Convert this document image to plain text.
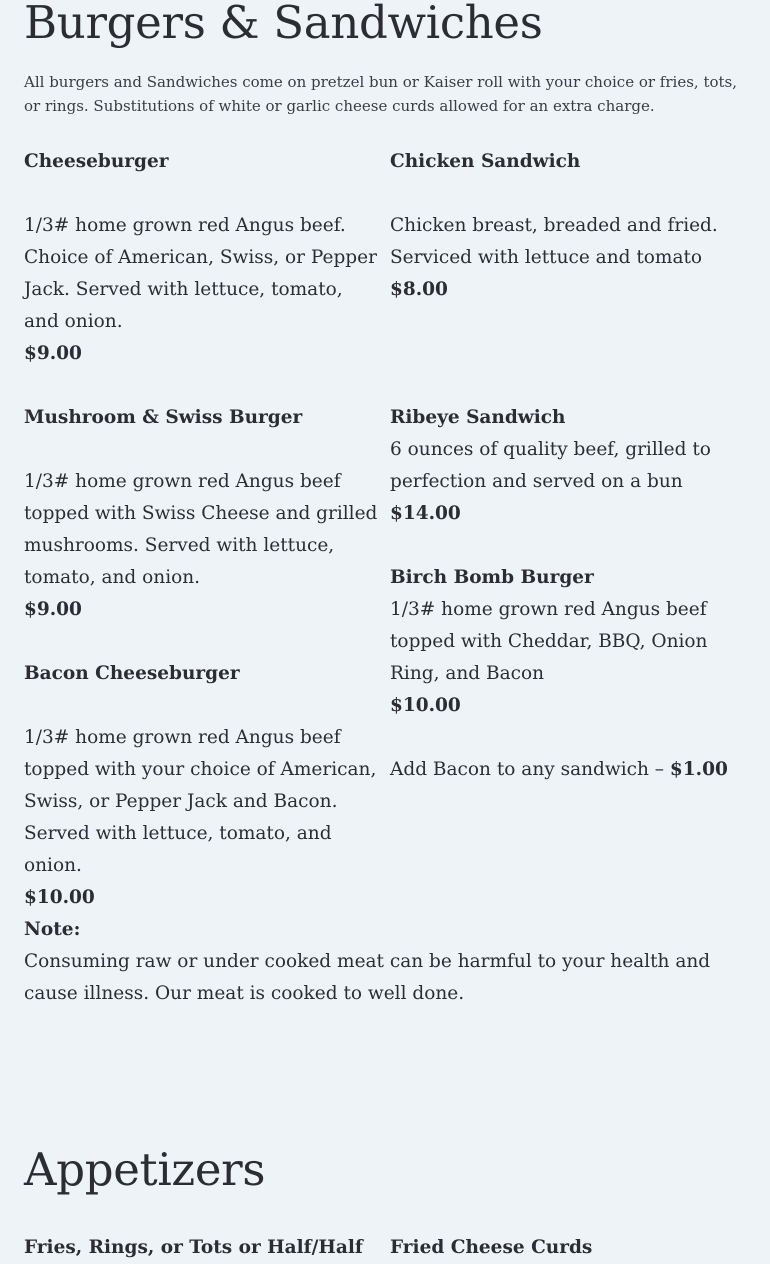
Burgers & Sandwiches
All burgers and Sandwiches come on pretzel bun or Kaiser roll with your choice or fries, tots, or rings. Substitutions of white or garlic cheese curds allowed for an extra charge.
Cheeseburger
1/3# home grown red Angus beef. Choice of American, Swiss, or Pepper Jack. Served with lettuce, tomato, and onion.
$9.00
Mushroom & Swiss Burger
1/3# home grown red Angus beef topped with Swiss Cheese and grilled mushrooms. Served with lettuce, tomato, and onion.
$9.00
Bacon Cheeseburger
1/3# home grown red Angus beef topped with your choice of American, Swiss, or Pepper Jack and Bacon. Served with lettuce, tomato, and onion.
$10.00
Chicken Sandwich
Chicken breast, breaded and fried. Serviced with lettuce and tomato
$8.00
Ribeye Sandwich
6 ounces of quality beef, grilled to perfection and served on a bun
$14.00
Birch Bomb Burger
1/3# home grown red Angus beef topped with Cheddar, BBQ, Onion Ring, and Bacon
$10.00
Add Bacon to any sandwich – $1.00
Note:
Consuming raw or under cooked meat can be harmful to your health and cause illness. Our meat is cooked to well done.
Appetizers
Fries, Rings, or Tots or Half/Half Fried Cheese Curds
